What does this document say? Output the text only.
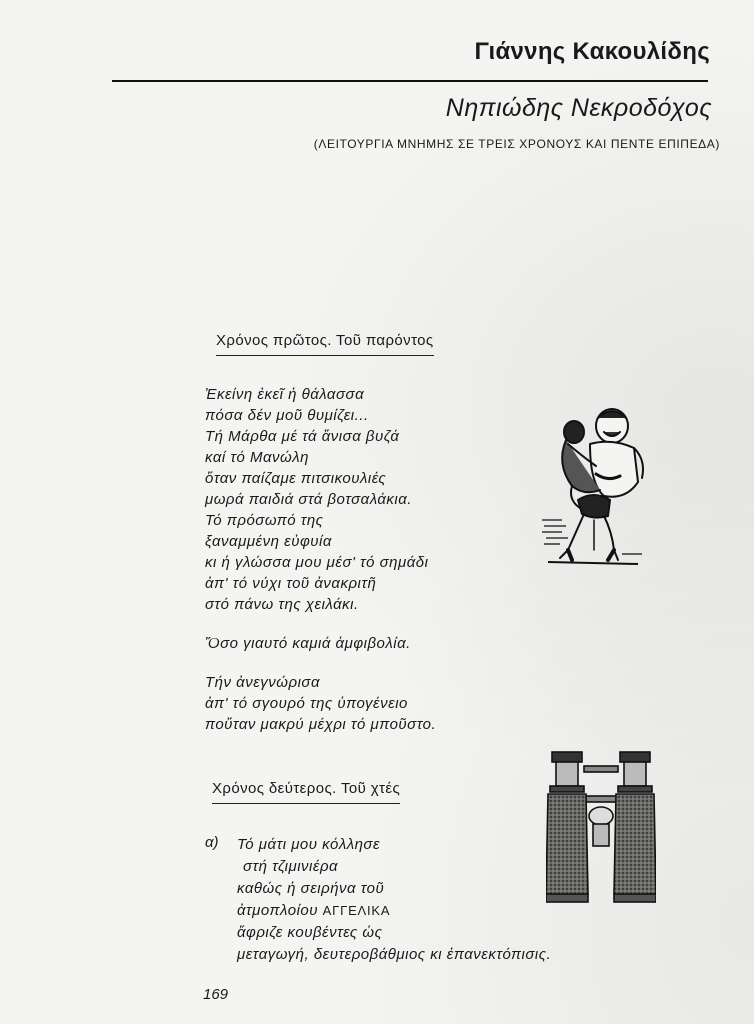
Γιάννης Κακουλίδης
Νηπιώδης Νεκροδόχος
(ΛΕΙΤΟΥΡΓΙΑ ΜΝΗΜΗΣ ΣΕ ΤΡΕΙΣ ΧΡΟΝΟΥΣ ΚΑΙ ΠΕΝΤΕ ΕΠΙΠΕΔΑ)
Χρόνος πρῶτος. Τοῦ παρόντος
Ἐκείνη ἐκεῖ ἡ θάλασσα
πόσα δέν μοῦ θυμίζει...
Τή Μάρθα μέ τά ἄνισα βυζά
καί τό Μανώλη
ὅταν παίζαμε πιτσικουλιές
μωρά παιδιά στά βοτσαλάκια.
Τό πρόσωπό της
ξαναμμένη εὐφυία
κι ἡ γλώσσα μου μέσ' τό σημάδι
ἀπ' τό νύχι τοῦ ἀνακριτῆ
στό πάνω της χειλάκι.
Ὅσο γιαυτό καμιά ἀμφιβολία.
Τήν ἀνεγνώρισα
ἀπ' τό σγουρό της ὑπογένειο
ποὔταν μακρύ μέχρι τό μποῦστο.
Χρόνος δεύτερος. Τοῦ χτές
α) Τό μάτι μου κόλλησε
στή τζιμινιέρα
καθώς ἡ σειρήνα τοῦ
ἀτμοπλοίου ΑΓΓΕΛΙΚΑ
ἄφριζε κουβέντες ὡς
μεταγωγή, δευτεροβάθμιος κι ἐπανεκτόπισις.
169
